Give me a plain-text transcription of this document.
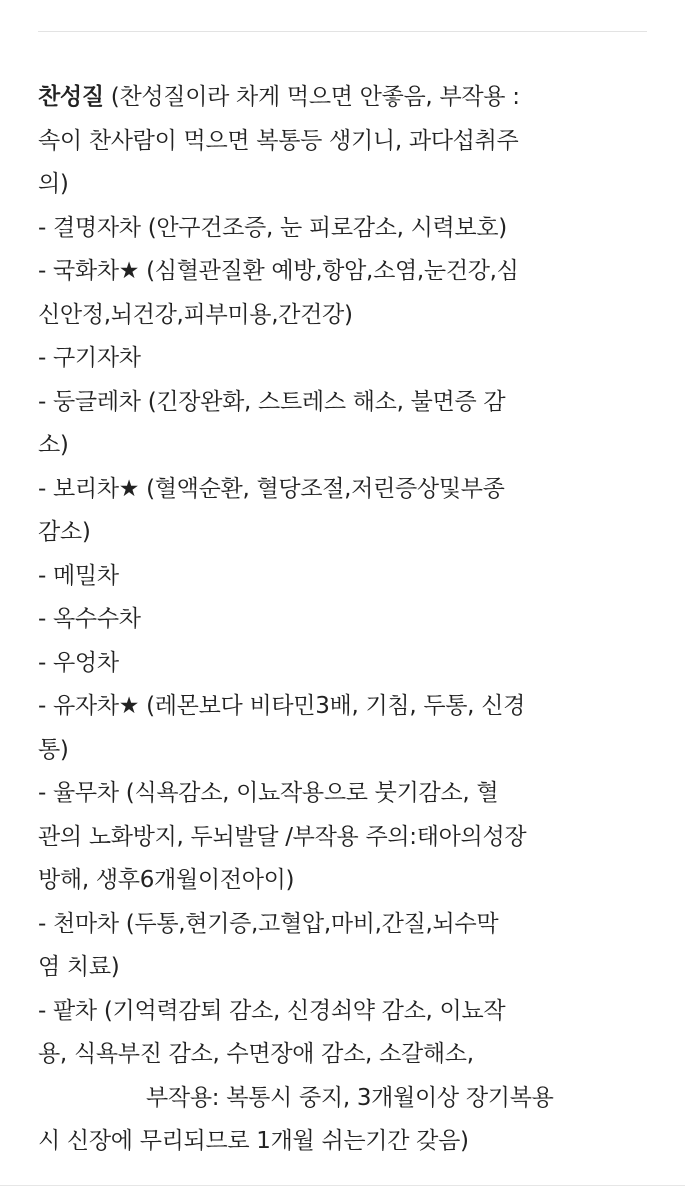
찬성질 (찬성질이라 차게 먹으면 안좋음, 부작용 :
속이 찬사람이 먹으면 복통등 생기니, 과다섭취주
의)
- 결명자차 (안구건조증, 눈 피로감소, 시력보호)
- 국화차★ (심혈관질환 예방,항암,소염,눈건강,심
신안정,뇌건강,피부미용,간건강)
- 구기자차
- 둥글레차 (긴장완화, 스트레스 해소, 불면증 감
소)
- 보리차★ (혈액순환, 혈당조절,저린증상및부종
감소)
- 메밀차
- 옥수수차
- 우엉차
- 유자차★ (레몬보다 비타민3배, 기침, 두통, 신경
통)
- 율무차 (식욕감소, 이뇨작용으로 붓기감소, 혈
관의 노화방지, 두뇌발달 /부작용 주의:태아의성장
방해, 생후6개월이전아이)
- 천마차 (두통,현기증,고혈압,마비,간질,뇌수막
염 치료)
- 팥차 (기억력감퇴 감소, 신경쇠약 감소, 이뇨작
용, 식욕부진 감소, 수면장애 감소, 소갈해소,
부작용: 복통시 중지, 3개월이상 장기복용
시 신장에 무리되므로 1개월 쉬는기간 갖음)
